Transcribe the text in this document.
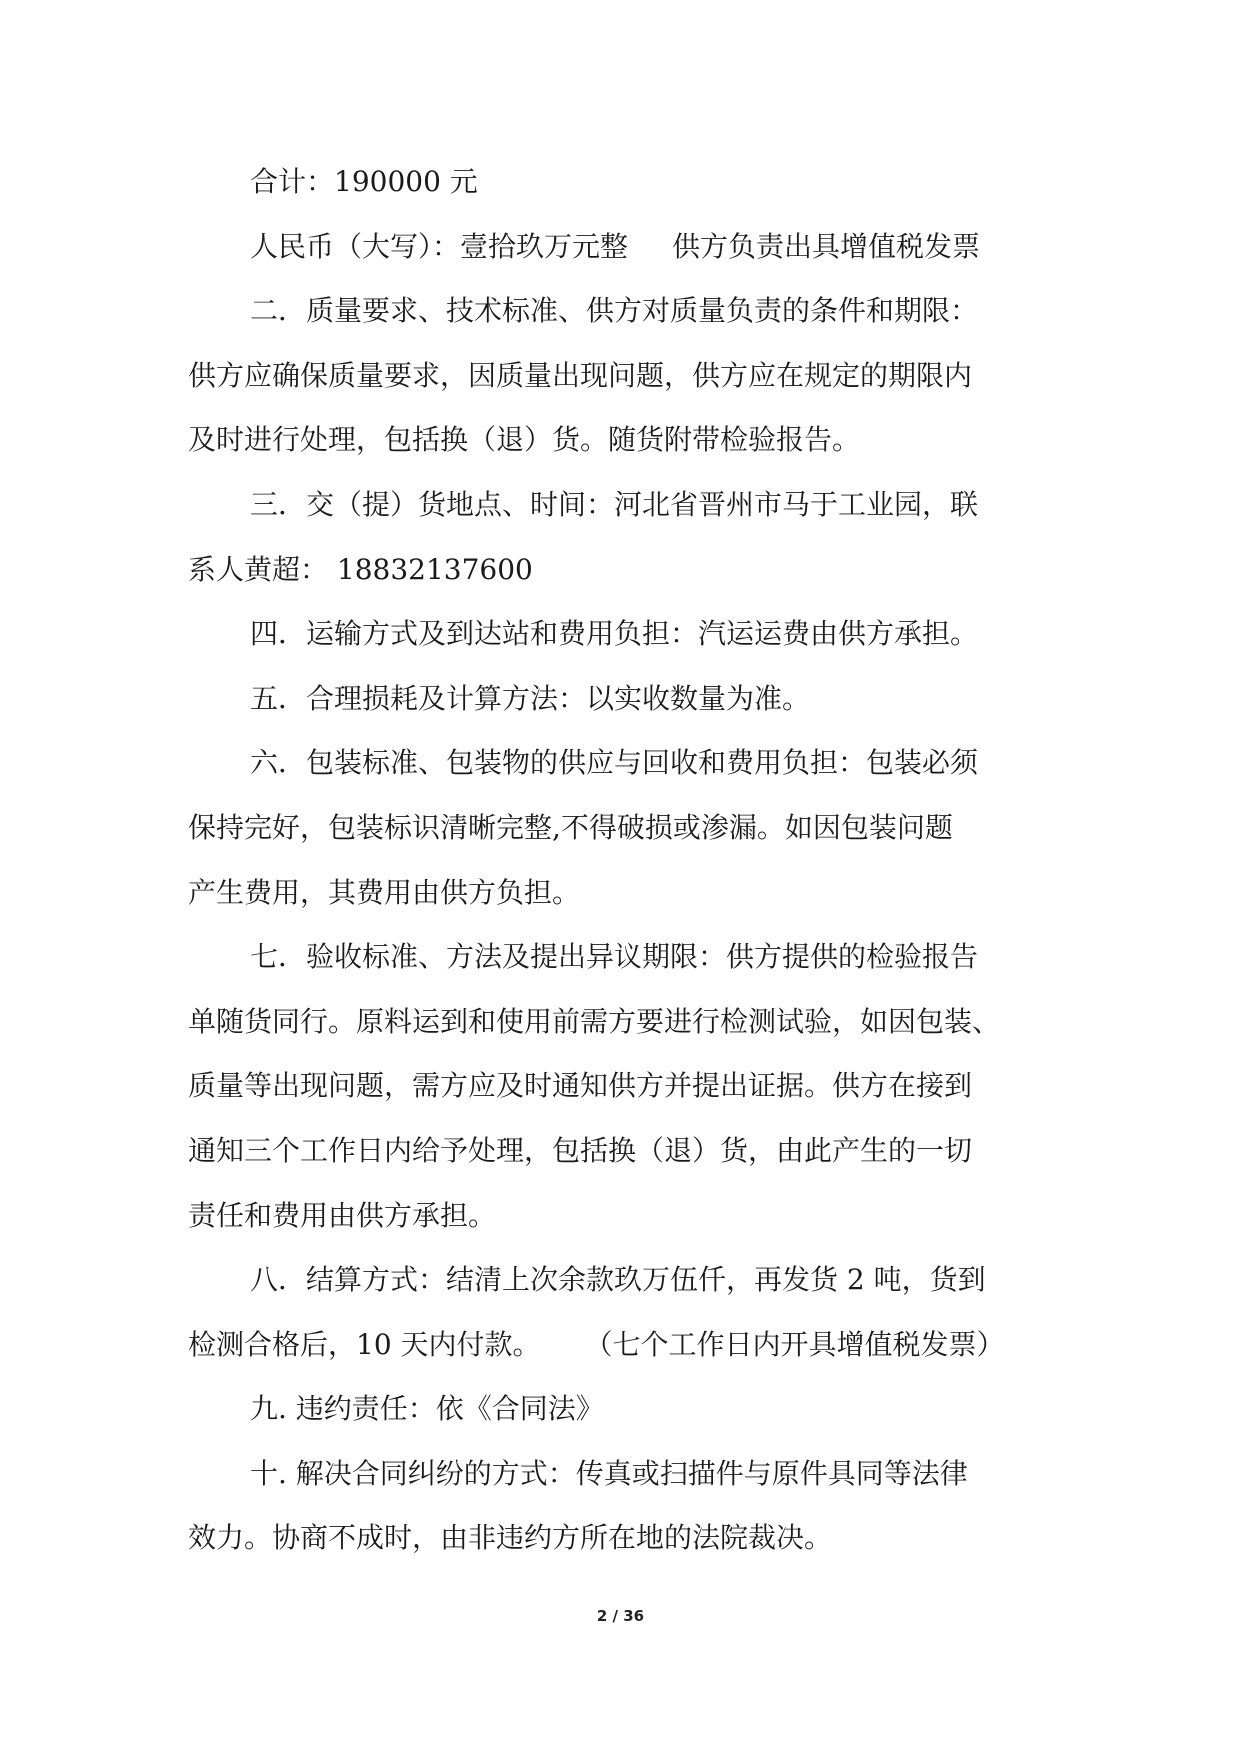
合计：190000 元
人民币（大写）：壹拾玖万元整 供方负责出具增值税发票
二．质量要求、技术标准、供方对质量负责的条件和期限：
供方应确保质量要求，因质量出现问题，供方应在规定的期限内
及时进行处理，包括换（退）货。随货附带检验报告。
三．交（提）货地点、时间：河北省晋州市马于工业园，联
系人黄超： 18832137600
四．运输方式及到达站和费用负担：汽运运费由供方承担。
五．合理损耗及计算方法：以实收数量为准。
六．包装标准、包装物的供应与回收和费用负担：包装必须
保持完好，包装标识清晰完整,不得破损或渗漏。如因包装问题
产生费用，其费用由供方负担。
七．验收标准、方法及提出异议期限：供方提供的检验报告
单随货同行。原料运到和使用前需方要进行检测试验，如因包装、
质量等出现问题，需方应及时通知供方并提出证据。供方在接到
通知三个工作日内给予处理，包括换（退）货，由此产生的一切
责任和费用由供方承担。
八．结算方式：结清上次余款玖万伍仟，再发货 2 吨，货到
检测合格后，10 天内付款。 （七个工作日内开具增值税发票）
九. 违约责任：依《合同法》
十. 解决合同纠纷的方式：传真或扫描件与原件具同等法律
效力。协商不成时，由非违约方所在地的法院裁决。
2 / 36
